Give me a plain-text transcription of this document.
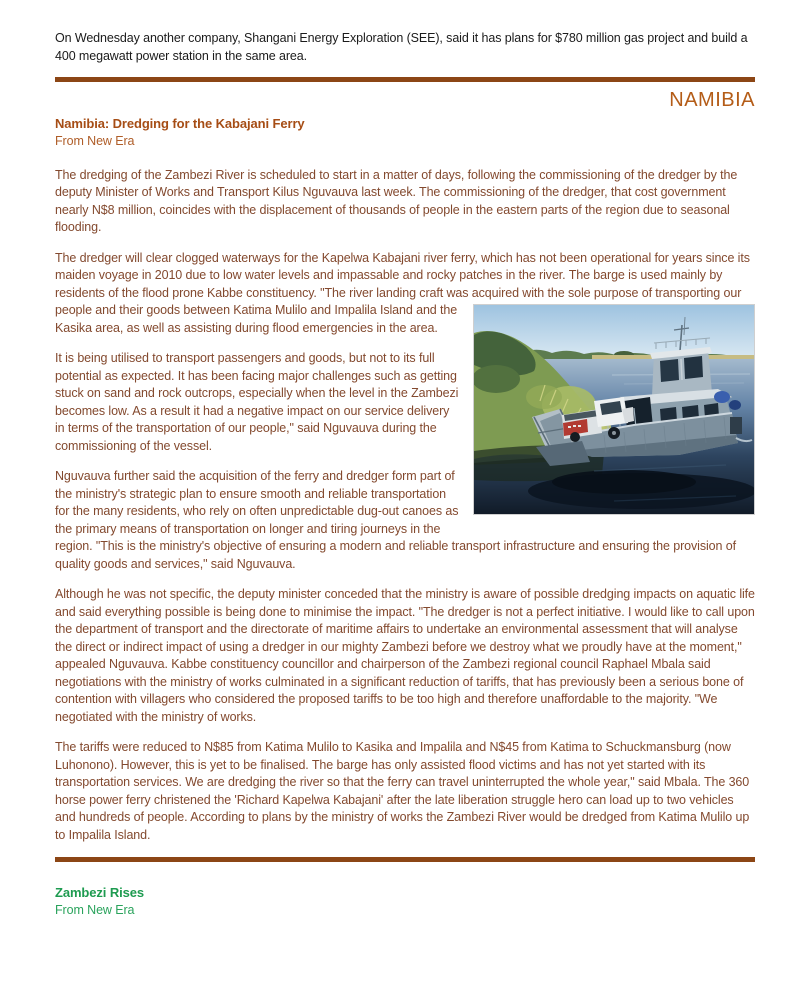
On Wednesday another company, Shangani Energy Exploration (SEE), said it has plans for $780 million gas project and build a 400 megawatt power station in the same area.

NAMIBIA
Namibia: Dredging for the Kabajani Ferry
From New Era

The dredging of the Zambezi River is scheduled to start in a matter of days, following the commissioning of the dredger by the deputy Minister of Works and Transport Kilus Nguvauva last week. The commissioning of the dredger, that cost government nearly N$8 million, coincides with the displacement of thousands of people in the eastern parts of the region due to seasonal flooding.

The dredger will clear clogged waterways for the Kapelwa Kabajani river ferry, which has not been operational for years since its maiden voyage in 2010 due to low water levels and impassable and rocky patches in the river. The barge is used mainly by residents of the flood prone Kabbe constituency. "The river landing craft was acquired with
the sole purpose of transporting our people and their goods between Katima Mulilo and Impalila Island and the Kasika area, as well as assisting during flood emergencies in the area.

It is being utilised to transport passengers and goods, but not to its full potential as expected. It has been facing major challenges such as getting stuck on sand and rock outcrops, especially when the level in the Zambezi becomes low. As a result it had a negative impact on our service delivery in terms of the transportation of our people," said Nguvauva during the commissioning of the vessel.

Nguvauva further said the acquisition of the ferry and dredger form part of the ministry's strategic plan to ensure smooth and reliable transportation for the many residents, who rely on often unpredictable dug-out canoes as the primary means of transportation on longer and tiring journeys in the region. "This is the ministry's objective of ensuring a modern and reliable transport infrastructure and ensuring the provision of quality goods and services," said Nguvauva.

Although he was not specific, the deputy minister conceded that the ministry is aware of possible dredging impacts on aquatic life and said everything possible is being done to minimise the impact. "The dredger is not a perfect initiative. I would like to call upon the department of transport and the directorate of maritime affairs to undertake an environmental assessment that will analyse the direct or indirect impact of using a dredger in our mighty Zambezi before we destroy what we proudly have at the moment," appealed Nguvauva. Kabbe constituency councillor and chairperson of the Zambezi regional council Raphael Mbala said negotiations with the ministry of works culminated in a significant reduction of tariffs, that has previously been a serious bone of contention with villagers who considered the proposed tariffs to be too high and therefore unaffordable to the majority. "We negotiated with the ministry of works.

The tariffs were reduced to N$85 from Katima Mulilo to Kasika and Impalila and N$45 from Katima to Schuckmansburg (now Luhonono). However, this is yet to be finalised. The barge has only assisted flood victims and has not yet started with its transportation services. We are dredging the river so that the ferry can travel uninterrupted the whole year," said Mbala. The 360 horse power ferry christened the 'Richard Kapelwa Kabajani' after the late liberation struggle hero can load up to two vehicles and hundreds of people. According to plans by the ministry of works the Zambezi River would be dredged from Katima Mulilo up to Impalila Island.

Zambezi Rises
From New Era
